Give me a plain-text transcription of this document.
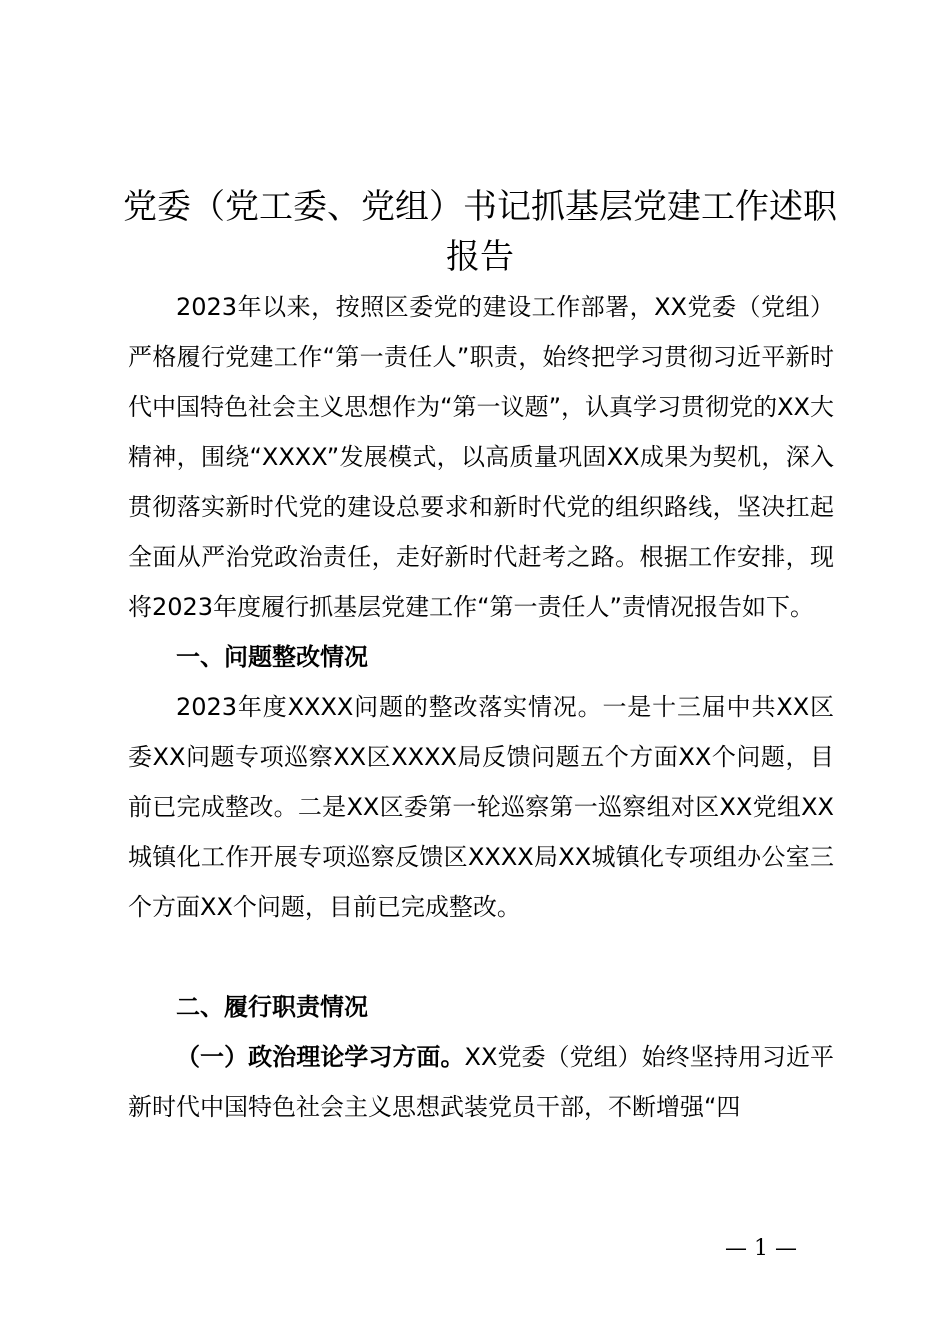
党委（党工委、党组）书记抓基层党建工作述职报告

2023年以来，按照区委党的建设工作部署，XX党委（党组）严格履行党建工作“第一责任人”职责，始终把学习贯彻习近平新时代中国特色社会主义思想作为“第一议题”，认真学习贯彻党的XX大精神，围绕“XXXX”发展模式，以高质量巩固XX成果为契机，深入贯彻落实新时代党的建设总要求和新时代党的组织路线，坚决扛起全面从严治党政治责任，走好新时代赶考之路。根据工作安排，现将2023年度履行抓基层党建工作“第一责任人”责情况报告如下。

一、问题整改情况

2023年度XXXX问题的整改落实情况。一是十三届中共XX区委XX问题专项巡察XX区XXXX局反馈问题五个方面XX个问题，目前已完成整改。二是XX区委第一轮巡察第一巡察组对区XX党组XX城镇化工作开展专项巡察反馈区XXXX局XX城镇化专项组办公室三个方面XX个问题，目前已完成整改。

二、履行职责情况

（一）政治理论学习方面。XX党委（党组）始终坚持用习近平新时代中国特色社会主义思想武装党员干部，不断增强“四

— 1 —
